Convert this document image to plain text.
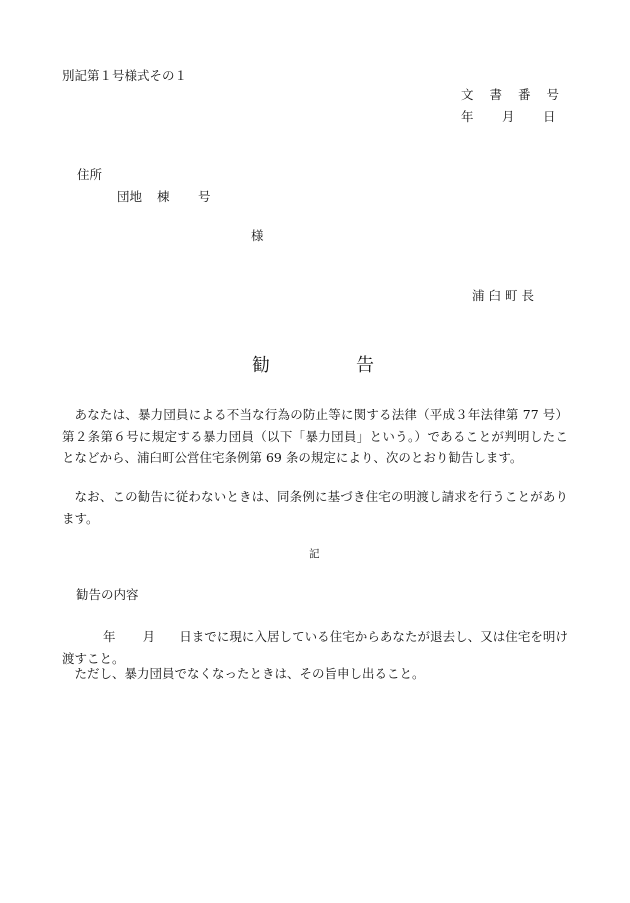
別記第１号様式その１
文 書 番 号
年	月	日
住所
団地	棟	号
様
浦臼町長
勧	告
あなたは、暴力団員による不当な行為の防止等に関する法律（平成３年法律第 77 号）第２条第６号に規定する暴力団員（以下「暴力団員」という。）であることが判明したことなどから、浦臼町公営住宅条例第 69 条の規定により、次のとおり勧告します。
なお、この勧告に従わないときは、同条例に基づき住宅の明渡し請求を行うことがあります。
記
勧告の内容
年 月 日までに現に入居している住宅からあなたが退去し、又は住宅を明け渡すこと。
ただし、暴力団員でなくなったときは、その旨申し出ること。
